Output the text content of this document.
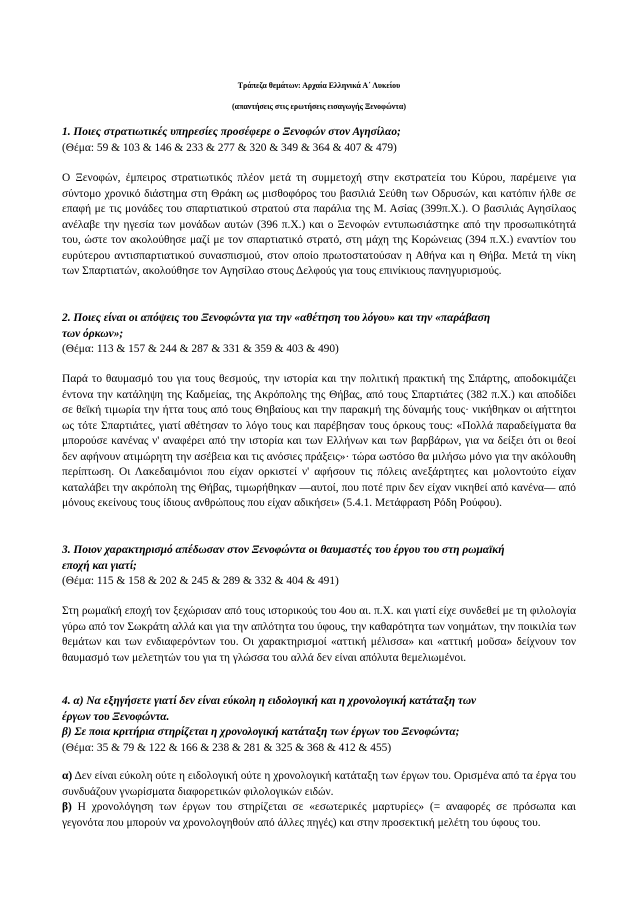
Τράπεζα θεμάτων: Αρχαία Ελληνικά Α΄ Λυκείου
(απαντήσεις στις ερωτήσεις εισαγωγής Ξενοφώντα)
1. Ποιες στρατιωτικές υπηρεσίες προσέφερε ο Ξενοφών στον Αγησίλαο;
(Θέμα: 59 & 103 & 146 & 233 & 277 & 320 & 349 & 364 & 407 & 479)
Ο Ξενοφών, έμπειρος στρατιωτικός πλέον μετά τη συμμετοχή στην εκστρατεία του Κύρου, παρέμεινε για σύντομο χρονικό διάστημα στη Θράκη ως μισθοφόρος του βασιλιά Σεύθη των Οδρυσών, και κατόπιν ήλθε σε επαφή με τις μονάδες του σπαρτιατικού στρατού στα παράλια της Μ. Ασίας (399π.Χ.). Ο βασιλιάς Αγησίλαος ανέλαβε την ηγεσία των μονάδων αυτών (396 π.Χ.) και ο Ξενοφών εντυπωσιάστηκε από την προσωπικότητά του, ώστε τον ακολούθησε μαζί με τον σπαρτιατικό στρατό, στη μάχη της Κορώνειας (394 π.Χ.) εναντίον του ευρύτερου αντισπαρτιατικού συνασπισμού, στον οποίο πρωτοστατούσαν η Αθήνα και η Θήβα. Μετά τη νίκη των Σπαρτιατών, ακολούθησε τον Αγησίλαο στους Δελφούς για τους επινίκιους πανηγυρισμούς.
2. Ποιες είναι οι απόψεις του Ξενοφώντα για την «αθέτηση του λόγου» και την «παράβαση
των όρκων»;
(Θέμα: 113 & 157 & 244 & 287 & 331 & 359 & 403 & 490)
Παρά το θαυμασμό του για τους θεσμούς, την ιστορία και την πολιτική πρακτική της Σπάρτης, αποδοκιμάζει έντονα την κατάληψη της Καδμείας, της Ακρόπολης της Θήβας, από τους Σπαρτιάτες (382 π.Χ.) και αποδίδει σε θεϊκή τιμωρία την ήττα τους από τους Θηβαίους και την παρακμή της δύναμής τους· νικήθηκαν οι αήττητοι ως τότε Σπαρτιάτες, γιατί αθέτησαν το λόγο τους και παρέβησαν τους όρκους τους: «Πολλά παραδείγματα θα μπορούσε κανένας ν' αναφέρει από την ιστορία και των Ελλήνων και των βαρβάρων, για να δείξει ότι οι θεοί δεν αφήνουν ατιμώρητη την ασέβεια και τις ανόσιες πράξεις»· τώρα ωστόσο θα μιλήσω μόνο για την ακόλουθη περίπτωση. Οι Λακεδαιμόνιοι που είχαν ορκιστεί ν' αφήσουν τις πόλεις ανεξάρτητες και μολοντούτο είχαν καταλάβει την ακρόπολη της Θήβας, τιμωρήθηκαν —αυτοί, που ποτέ πριν δεν είχαν νικηθεί από κανένα— από μόνους εκείνους τους ίδιους ανθρώπους που είχαν αδικήσει» (5.4.1. Μετάφραση Ρόδη Ρούφου).
3. Ποιον χαρακτηρισμό απέδωσαν στον Ξενοφώντα οι θαυμαστές του έργου του στη ρωμαϊκή
εποχή και γιατί;
(Θέμα: 115 & 158 & 202 & 245 & 289 & 332 & 404 & 491)
Στη ρωμαϊκή εποχή τον ξεχώρισαν από τους ιστορικούς του 4ου αι. π.Χ. και γιατί είχε συνδεθεί με τη φιλολογία γύρω από τον Σωκράτη αλλά και για την απλότητα του ύφους, την καθαρότητα των νοημάτων, την ποικιλία των θεμάτων και των ενδιαφερόντων του. Οι χαρακτηρισμοί «αττική μέλισσα» και «αττική μοῦσα» δείχνουν τον θαυμασμό των μελετητών του για τη γλώσσα του αλλά δεν είναι απόλυτα θεμελιωμένοι.
4. α) Να εξηγήσετε γιατί δεν είναι εύκολη η ειδολογική και η χρονολογική κατάταξη των
έργων του Ξενοφώντα.
β) Σε ποια κριτήρια στηρίζεται η χρονολογική κατάταξη των έργων του Ξενοφώντα;
(Θέμα: 35 & 79 & 122 & 166 & 238 & 281 & 325 & 368 & 412 & 455)
α) Δεν είναι εύκολη ούτε η ειδολογική ούτε η χρονολογική κατάταξη των έργων του. Ορισμένα από τα έργα του συνδυάζουν γνωρίσματα διαφορετικών φιλολογικών ειδών.
β) Η χρονολόγηση των έργων του στηρίζεται σε «εσωτερικές μαρτυρίες» (= αναφορές σε πρόσωπα και γεγονότα που μπορούν να χρονολογηθούν από άλλες πηγές) και στην προσεκτική μελέτη του ύφους του.
